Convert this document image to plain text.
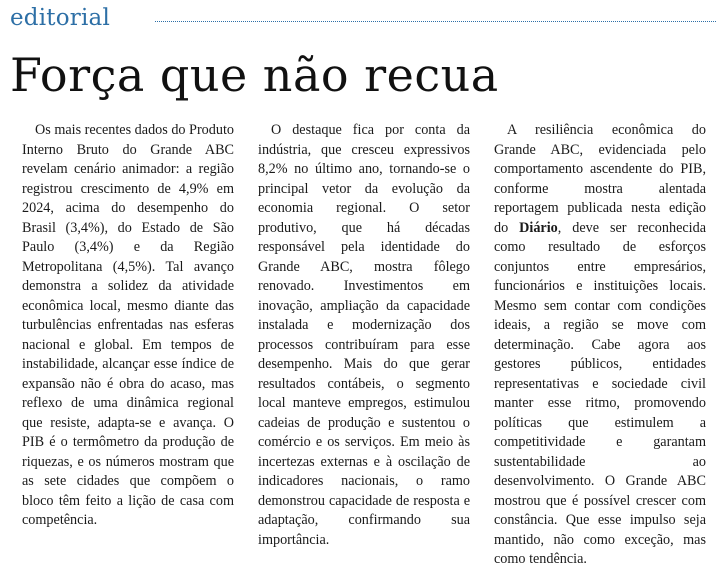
editorial
Força que não recua

Os mais recentes dados do Produto Interno Bruto do Grande ABC revelam cenário animador: a região registrou crescimento de 4,9% em 2024, acima do desempenho do Brasil (3,4%), do Estado de São Paulo (3,4%) e da Região Metropolitana (4,5%). Tal avanço demonstra a solidez da atividade econômica local, mesmo diante das turbulências enfrentadas nas esferas nacional e global. Em tempos de instabilidade, alcançar esse índice de expansão não é obra do acaso, mas reflexo de uma dinâmica regional que resiste, adapta-se e avança. O PIB é o termômetro da produção de riquezas, e os números mostram que as sete cidades que compõem o bloco têm feito a lição de casa com competência.

O destaque fica por conta da indústria, que cresceu expressivos 8,2% no último ano, tornando-se o principal vetor da evolução da economia regional. O setor produtivo, que há décadas responsável pela identidade do Grande ABC, mostra fôlego renovado. Investimentos em inovação, ampliação da capacidade instalada e modernização dos processos contribuíram para esse desempenho. Mais do que gerar resultados contábeis, o segmento local manteve empregos, estimulou cadeias de produção e sustentou o comércio e os serviços. Em meio às incertezas externas e à oscilação de indicadores nacionais, o ramo demonstrou capacidade de resposta e adaptação, confirmando sua importância.

A resiliência econômica do Grande ABC, evidenciada pelo comportamento ascendente do PIB, conforme mostra alentada reportagem publicada nesta edição do Diário, deve ser reconhecida como resultado de esforços conjuntos entre empresários, funcionários e instituições locais. Mesmo sem contar com condições ideais, a região se move com determinação. Cabe agora aos gestores públicos, entidades representativas e sociedade civil manter esse ritmo, promovendo políticas que estimulem a competitividade e garantam sustentabilidade ao desenvolvimento. O Grande ABC mostrou que é possível crescer com constância. Que esse impulso seja mantido, não como exceção, mas como tendência.
